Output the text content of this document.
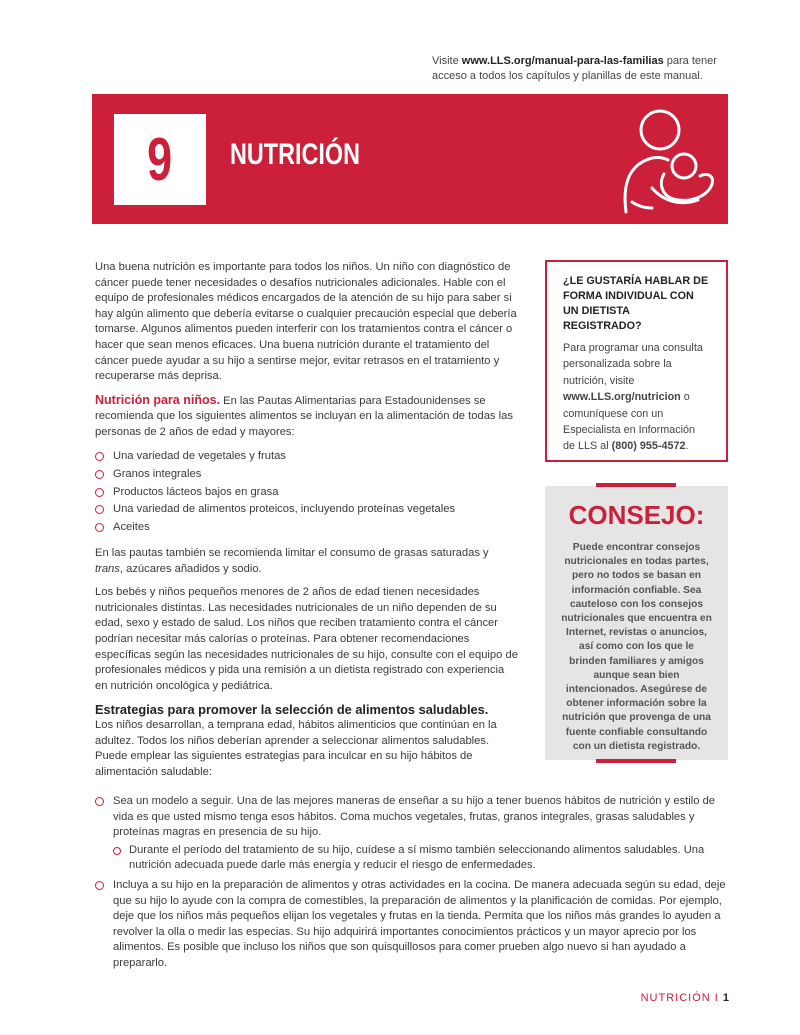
Visite www.LLS.org/manual-para-las-familias para tener acceso a todos los capítulos y planillas de este manual.
9 NUTRICIÓN

Una buena nutrición es importante para todos los niños. Un niño con diagnóstico de cáncer puede tener necesidades o desafíos nutricionales adicionales. Hable con el equipo de profesionales médicos encargados de la atención de su hijo para saber si hay algún alimento que debería evitarse o cualquier precaución especial que debería tomarse. Algunos alimentos pueden interferir con los tratamientos contra el cáncer o hacer que sean menos eficaces. Una buena nutrición durante el tratamiento del cáncer puede ayudar a su hijo a sentirse mejor, evitar retrasos en el tratamiento y recuperarse más deprisa.

Nutrición para niños. En las Pautas Alimentarias para Estadounidenses se recomienda que los siguientes alimentos se incluyan en la alimentación de todas las personas de 2 años de edad y mayores:

Una variedad de vegetales y frutas
Granos integrales
Productos lácteos bajos en grasa
Una variedad de alimentos proteicos, incluyendo proteínas vegetales
Aceites

En las pautas también se recomienda limitar el consumo de grasas saturadas y trans, azúcares añadidos y sodio.

Los bebés y niños pequeños menores de 2 años de edad tienen necesidades nutricionales distintas. Las necesidades nutricionales de un niño dependen de su edad, sexo y estado de salud. Los niños que reciben tratamiento contra el cáncer podrían necesitar más calorías o proteínas. Para obtener recomendaciones específicas según las necesidades nutricionales de su hijo, consulte con el equipo de profesionales médicos y pida una remisión a un dietista registrado con experiencia en nutrición oncológica y pediátrica.

Estrategias para promover la selección de alimentos saludables.

Los niños desarrollan, a temprana edad, hábitos alimenticios que continúan en la adultez. Todos los niños deberían aprender a seleccionar alimentos saludables. Puede emplear las siguientes estrategias para inculcar en su hijo hábitos de alimentación saludable:

¿LE GUSTARÍA HABLAR DE FORMA INDIVIDUAL CON UN DIETISTA REGISTRADO?
Para programar una consulta personalizada sobre la nutrición, visite www.LLS.org/nutricion o comuníquese con un Especialista en Información de LLS al (800) 955-4572.
CONSEJO:
Puede encontrar consejos nutricionales en todas partes, pero no todos se basan en información confiable. Sea cauteloso con los consejos nutricionales que encuentra en Internet, revistas o anuncios, así como con los que le brinden familiares y amigos aunque sean bien intencionados. Asegúrese de obtener información sobre la nutrición que provenga de una fuente confiable consultando con un dietista registrado.
Sea un modelo a seguir. Una de las mejores maneras de enseñar a su hijo a tener buenos hábitos de nutrición y estilo de vida es que usted mismo tenga esos hábitos. Coma muchos vegetales, frutas, granos integrales, grasas saludables y proteínas magras en presencia de su hijo.
Durante el período del tratamiento de su hijo, cuídese a sí mismo también seleccionando alimentos saludables. Una nutrición adecuada puede darle más energía y reducir el riesgo de enfermedades.
Incluya a su hijo en la preparación de alimentos y otras actividades en la cocina. De manera adecuada según su edad, deje que su hijo lo ayude con la compra de comestibles, la preparación de alimentos y la planificación de comidas. Por ejemplo, deje que los niños más pequeños elijan los vegetales y frutas en la tienda. Permita que los niños más grandes lo ayuden a revolver la olla o medir las especias. Su hijo adquirirá importantes conocimientos prácticos y un mayor aprecio por los alimentos. Es posible que incluso los niños que son quisquillosos para comer prueben algo nuevo si han ayudado a prepararlo.
NUTRICIÓN I 1
